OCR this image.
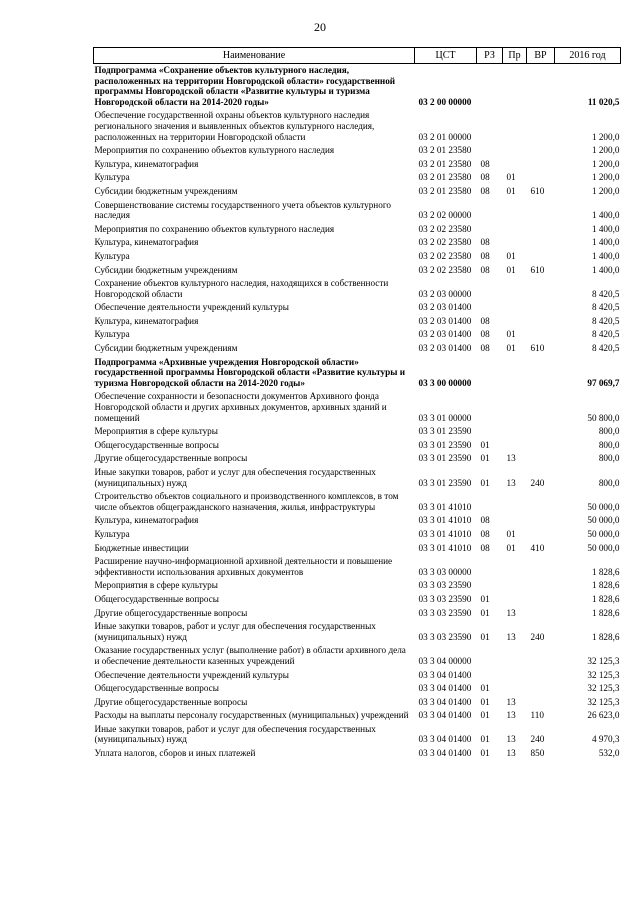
20
Наименование	ЦСТ	РЗ	Пр	ВР	2016 год
Подпрограмма «Сохранение объектов культурного наследия, расположенных на территории Новгородской области» государственной программы Новгородской области «Развитие культуры и туризма Новгородской области на 2014-2020 годы»	03 2 00 00000				11 020,5
Обеспечение государственной охраны объектов культурного наследия регионального значения и выявленных объектов культурного наследия, расположенных на территории Новгородской области	03 2 01 00000				1 200,0
Мероприятия по сохранению объектов культурного наследия	03 2 01 23580				1 200,0
Культура, кинематография	03 2 01 23580	08			1 200,0
Культура	03 2 01 23580	08	01		1 200,0
Субсидии бюджетным учреждениям	03 2 01 23580	08	01	610	1 200,0
Совершенствование системы государственного учета объектов культурного наследия	03 2 02 00000				1 400,0
Мероприятия по сохранению объектов культурного наследия	03 2 02 23580				1 400,0
Культура, кинематография	03 2 02 23580	08			1 400,0
Культура	03 2 02 23580	08	01		1 400,0
Субсидии бюджетным учреждениям	03 2 02 23580	08	01	610	1 400,0
Сохранение объектов культурного наследия, находящихся в собственности Новгородской области	03 2 03 00000				8 420,5
Обеспечение деятельности учреждений культуры	03 2 03 01400				8 420,5
Культура, кинематография	03 2 03 01400	08			8 420,5
Культура	03 2 03 01400	08	01		8 420,5
Субсидии бюджетным учреждениям	03 2 03 01400	08	01	610	8 420,5
Подпрограмма «Архивные учреждения Новгородской области» государственной программы Новгородской области «Развитие культуры и туризма Новгородской области на 2014-2020 годы»	03 3 00 00000				97 069,7
Обеспечение сохранности и безопасности документов Архивного фонда Новгородской области и других архивных документов, архивных зданий и помещений	03 3 01 00000				50 800,0
Мероприятия в сфере культуры	03 3 01 23590				800,0
Общегосударственные вопросы	03 3 01 23590	01			800,0
Другие общегосударственные вопросы	03 3 01 23590	01	13		800,0
Иные закупки товаров, работ и услуг для обеспечения государственных (муниципальных) нужд	03 3 01 23590	01	13	240	800,0
Строительство объектов социального и производственного комплексов, в том числе объектов общегражданского назначения, жилья, инфраструктуры	03 3 01 41010				50 000,0
Культура, кинематография	03 3 01 41010	08			50 000,0
Культура	03 3 01 41010	08	01		50 000,0
Бюджетные инвестиции	03 3 01 41010	08	01	410	50 000,0
Расширение научно-информационной архивной деятельности и повышение эффективности использования архивных документов	03 3 03 00000				1 828,6
Мероприятия в сфере культуры	03 3 03 23590				1 828,6
Общегосударственные вопросы	03 3 03 23590	01			1 828,6
Другие общегосударственные вопросы	03 3 03 23590	01	13		1 828,6
Иные закупки товаров, работ и услуг для обеспечения государственных (муниципальных) нужд	03 3 03 23590	01	13	240	1 828,6
Оказание государственных услуг (выполнение работ) в области архивного дела и обеспечение деятельности казенных учреждений	03 3 04 00000				32 125,3
Обеспечение деятельности учреждений культуры	03 3 04 01400				32 125,3
Общегосударственные вопросы	03 3 04 01400	01			32 125,3
Другие общегосударственные вопросы	03 3 04 01400	01	13		32 125,3
Расходы на выплаты персоналу государственных (муниципальных) учреждений	03 3 04 01400	01	13	110	26 623,0
Иные закупки товаров, работ и услуг для обеспечения государственных (муниципальных) нужд	03 3 04 01400	01	13	240	4 970,3
Уплата налогов, сборов и иных платежей	03 3 04 01400	01	13	850	532,0
